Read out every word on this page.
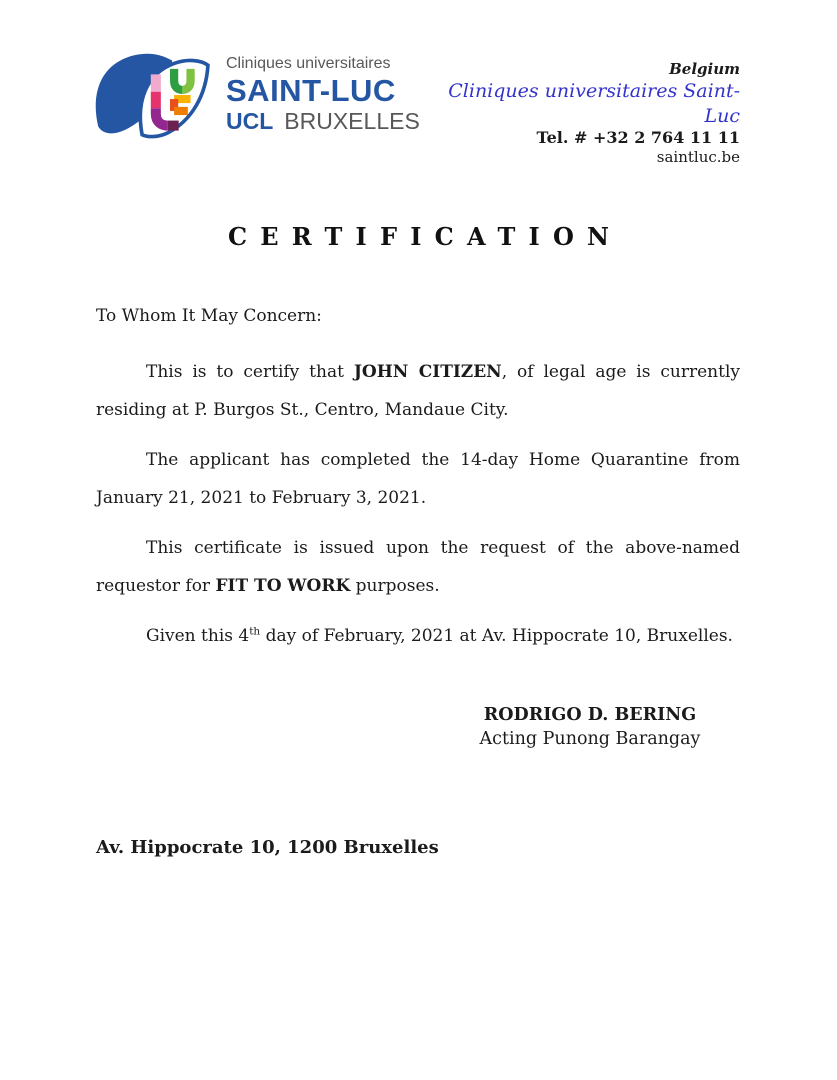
Cliniques universitaires
SAINT-LUC
UCL BRUXELLES
Belgium
Cliniques universitaires Saint-Luc
Tel. # +32 2 764 11 11
saintluc.be
CERTIFICATION

To Whom It May Concern:

This is to certify that JOHN CITIZEN, of legal age is currently residing at P. Burgos St., Centro, Mandaue City.

The applicant has completed the 14-day Home Quarantine from January 21, 2021 to February 3, 2021.

This certificate is issued upon the request of the above-named requestor for FIT TO WORK purposes.

Given this 4th day of February, 2021 at Av. Hippocrate 10, Bruxelles.

RODRIGO D. BERING
Acting Punong Barangay
Av. Hippocrate 10, 1200 Bruxelles
